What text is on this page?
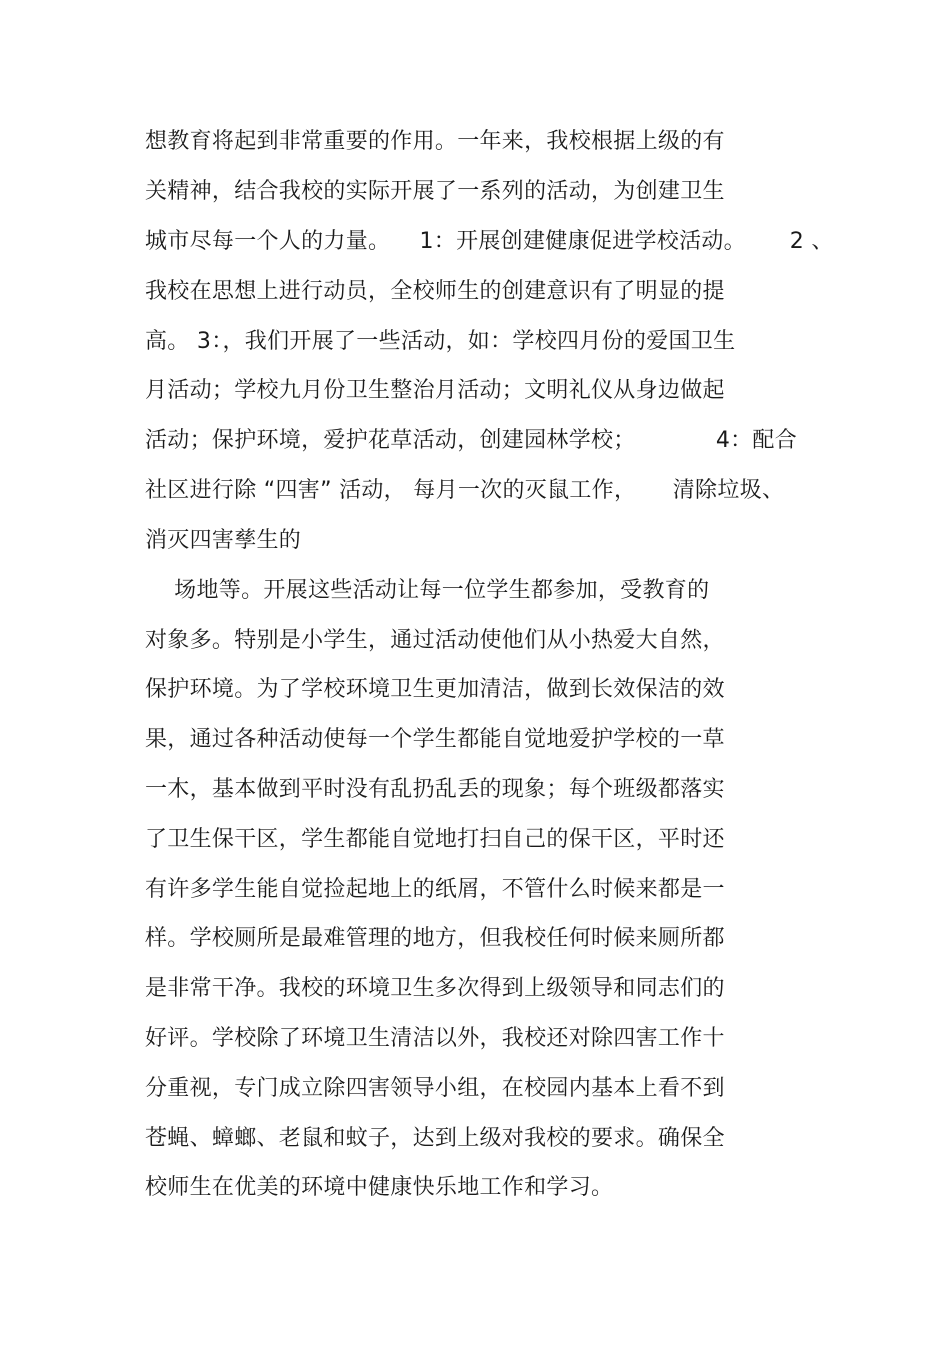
想教育将起到非常重要的作用。一年来，我校根据上级的有
关精神，结合我校的实际开展了一系列的活动，为创建卫生
城市尽每一个人的力量。    1：开展创建健康促进学校活动。      2 、
我校在思想上进行动员，全校师生的创建意识有了明显的提
高。 3：，我们开展了一些活动，如：学校四月份的爱国卫生
月活动；学校九月份卫生整治月活动；文明礼仪从身边做起
活动；保护环境，爱护花草活动，创建园林学校；           4：配合
社区进行除 “四害” 活动， 每月一次的灭鼠工作，     清除垃圾、
消灭四害孳生的
场地等。开展这些活动让每一位学生都参加，受教育的
对象多。特别是小学生，通过活动使他们从小热爱大自然，
保护环境。为了学校环境卫生更加清洁，做到长效保洁的效
果，通过各种活动使每一个学生都能自觉地爱护学校的一草
一木，基本做到平时没有乱扔乱丢的现象；每个班级都落实
了卫生保干区，学生都能自觉地打扫自己的保干区，平时还
有许多学生能自觉捡起地上的纸屑，不管什么时候来都是一
样。学校厕所是最难管理的地方，但我校任何时候来厕所都
是非常干净。我校的环境卫生多次得到上级领导和同志们的
好评。学校除了环境卫生清洁以外，我校还对除四害工作十
分重视，专门成立除四害领导小组，在校园内基本上看不到
苍蝇、蟑螂、老鼠和蚊子，达到上级对我校的要求。确保全
校师生在优美的环境中健康快乐地工作和学习。
